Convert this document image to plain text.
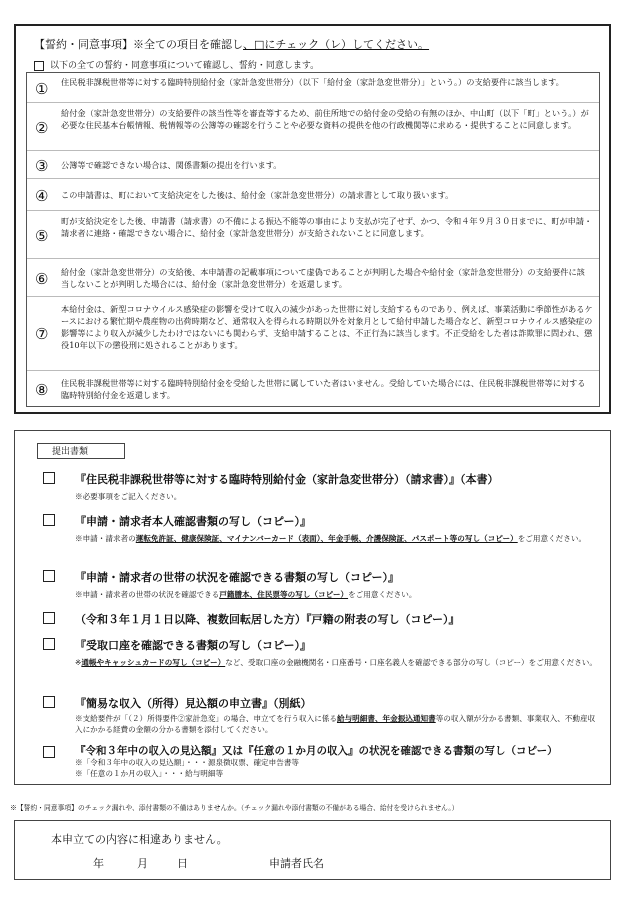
【誓約・同意事項】※全ての項目を確認し、□にチェック（レ）してください。
以下の全ての誓約・同意事項について確認し、誓約・同意します。
① 住民税非課税世帯等に対する臨時特別給付金（家計急変世帯分）（以下「給付金（家計急変世帯分）」という。）の支給要件に該当します。
②
給付金（家計急変世帯分）の支給要件の該当性等を審査等するため、前住所地での給付金の受給の有無のほか、中山町（以下「町」という。）が必要な住民基本台帳情報、税情報等の公簿等の確認を行うことや必要な資料の提供を他の行政機関等に求める・提供することに同意します。
③ 公簿等で確認できない場合は、関係書類の提出を行います。
④ この申請書は、町において支給決定をした後は、給付金（家計急変世帯分）の請求書として取り扱います。
⑤
町が支給決定をした後、申請書（請求書）の不備による振込不能等の事由により支払が完了せず、かつ、令和４年９月３０日までに、町が申請・請求者に連絡・確認できない場合に、給付金（家計急変世帯分）が支給されないことに同意します。
⑥ 給付金（家計急変世帯分）の支給後、本申請書の記載事項について虚偽であることが判明した場合や給付金（家計急変世帯分）の支給要件に該当しないことが判明した場合には、給付金（家計急変世帯分）を返還します。
⑦
本給付金は、新型コロナウイルス感染症の影響を受けて収入の減少があった世帯に対し支給するものであり、例えば、事業活動に季節性があるケースにおける繁忙期や農産物の出荷時期など、通常収入を得られる時期以外を対象月として給付申請した場合など、新型コロナウイルス感染症の影響等により収入が減少したわけではないにも関わらず、支給申請することは、不正行為に該当します。不正受給をした者は詐欺罪に問われ、懲役10年以下の懲役刑に処されることがあります。
⑧ 住民税非課税世帯等に対する臨時特別給付金を受給した世帯に属していた者はいません。受給していた場合には、住民税非課税世帯等に対する臨時特別給付金を返還します。
提出書類
『住民税非課税世帯等に対する臨時特別給付金（家計急変世帯分）（請求書）』（本書）
※必要事項をご記入ください。
『申請・請求者本人確認書類の写し（コピー）』
※申請・請求者の運転免許証、健康保険証、マイナンバーカード（表面）、年金手帳、介護保険証、パスポート等の写し（コピー）をご用意ください。
『申請・請求者の世帯の状況を確認できる書類の写し（コピー）』
※申請・請求者の世帯の状況を確認できる戸籍謄本、住民票等の写し（コピー）をご用意ください。
（令和３年１月１日以降、複数回転居した方）『戸籍の附表の写し（コピー）』
『受取口座を確認できる書類の写し（コピー）』
※通帳やキャッシュカードの写し（コピー）など、受取口座の金融機関名・口座番号・口座名義人を確認できる部分の写し（コピー）をご用意ください。
『簡易な収入（所得）見込額の申立書』（別紙）
※支給要件が「（２）所得要件②家計急変」の場合、申立てを行う収入に係る給与明細書、年金振込通知書等の収入額が分かる書類、事業収入、不動産収入にかかる経費の金額の分かる書類を添付してください。
『令和３年中の収入の見込額』又は『任意の１か月の収入』の状況を確認できる書類の写し（コピー）
※「令和３年中の収入の見込額」・・・源泉徴収票、確定申告書等
※「任意の１か月の収入」・・・給与明細等
※【誓約・同意事項】のチェック漏れや、添付書類の不備はありませんか。（チェック漏れや添付書類の不備がある場合、給付を受けられません。）
本申立ての内容に相違ありません。
年	月	日	申請者氏名
